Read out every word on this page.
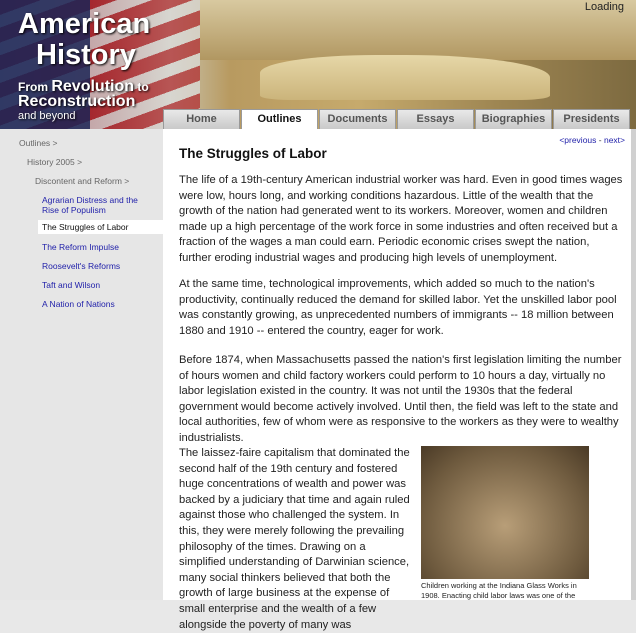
American
History
From Revolution to
Reconstruction
and beyond
Loading
Home	Outlines	Documents	Essays	Biographies	Presidents
Outlines >
History 2005 >
Discontent and Reform >
Agrarian Distress and the Rise of Populism
The Struggles of Labor
The Reform Impulse
Roosevelt's Reforms
Taft and Wilson
A Nation of Nations
<previous - next>
The Struggles of Labor
The life of a 19th-century American industrial worker was hard. Even in good times wages were low, hours long, and working conditions hazardous. Little of the wealth that the growth of the nation had generated went to its workers. Moreover, women and children made up a high percentage of the work force in some industries and often received but a fraction of the wages a man could earn. Periodic economic crises swept the nation, further eroding industrial wages and producing high levels of unemployment.
At the same time, technological improvements, which added so much to the nation's productivity, continually reduced the demand for skilled labor. Yet the unskilled labor pool was constantly growing, as unprecedented numbers of immigrants -- 18 million between 1880 and 1910 -- entered the country, eager for work.
Before 1874, when Massachusetts passed the nation's first legislation limiting the number of hours women and child factory workers could perform to 10 hours a day, virtually no labor legislation existed in the country. It was not until the 1930s that the federal government would become actively involved. Until then, the field was left to the state and local authorities, few of whom were as responsive to the workers as they were to wealthy industrialists.
The laissez-faire capitalism that dominated the second half of the 19th century and fostered huge concentrations of wealth and power was backed by a judiciary that time and again ruled against those who challenged the system. In this, they were merely following the prevailing philosophy of the times. Drawing on a simplified understanding of Darwinian science, many social thinkers believed that both the growth of large business at the expense of small enterprise and the wealth of a few alongside the poverty of many was
Children working at the Indiana Glass Works in 1908. Enacting child labor laws was one of the
